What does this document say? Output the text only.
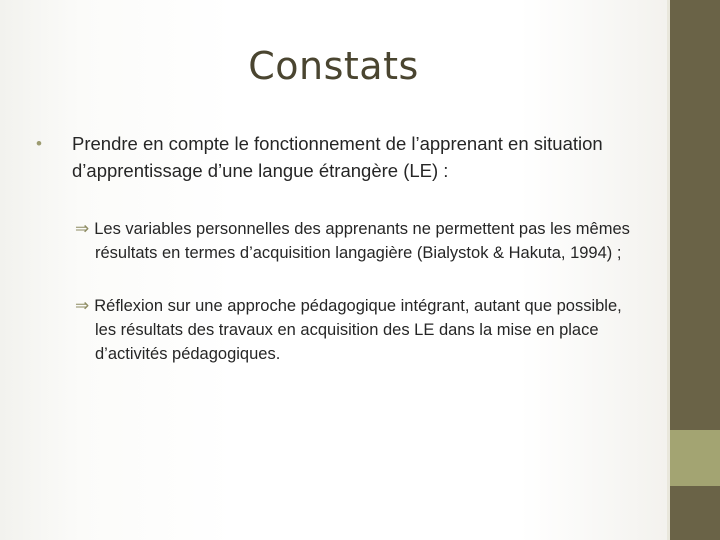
Constats

• Prendre en compte le fonctionnement de l’apprenant en situation d’apprentissage d’une langue étrangère (LE) :

⇒ Les variables personnelles des apprenants ne permettent pas les mêmes résultats en termes d’acquisition langagière (Bialystok & Hakuta, 1994) ;

⇒ Réflexion sur une approche pédagogique intégrant, autant que possible, les résultats des travaux en acquisition des LE dans la mise en place d’activités pédagogiques.
